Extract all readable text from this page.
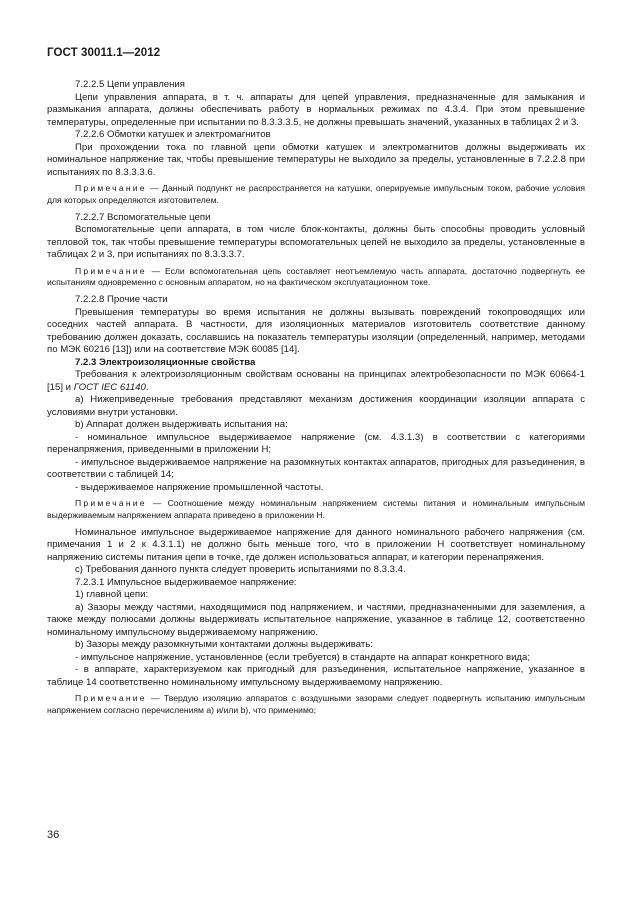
ГОСТ 30011.1—2012

7.2.2.5 Цепи управления

Цепи управления аппарата, в т. ч. аппараты для цепей управления, предназначенные для замыкания и размыкания аппарата, должны обеспечивать работу в нормальных режимах по 4.3.4. При этом превышение температуры, определенные при испытании по 8.3.3.3.5, не должны превышать значений, указанных в таблицах 2 и 3.

7.2.2.6 Обмотки катушек и электромагнитов

При прохождении тока по главной цепи обмотки катушек и электромагнитов должны выдерживать их номинальное напряжение так, чтобы превышение температуры не выходило за пределы, установленные в 7.2.2.8 при испытаниях по 8.3.3.3.6.

Примечание — Данный подпункт не распространяется на катушки, оперируемые импульсным током, рабочие условия для которых определяются изготовителем.

7.2.2.7 Вспомогательные цепи

Вспомогательные цепи аппарата, в том числе блок-контакты, должны быть способны проводить условный тепловой ток, так чтобы превышение температуры вспомогательных цепей не выходило за пределы, установленные в таблицах 2 и 3, при испытаниях по 8.3.3.3.7.

Примечание — Если вспомогательная цепь составляет неотъемлемую часть аппарата, достаточно подвергнуть ее испытаниям одновременно с основным аппаратом, но на фактическом эксплуатационном токе.

7.2.2.8 Прочие части

Превышения температуры во время испытания не должны вызывать повреждений токопроводящих или соседних частей аппарата. В частности, для изоляционных материалов изготовитель соответствие данному требованию должен доказать, сославшись на показатель температуры изоляции (определенный, например, методами по МЭК 60216 [13]) или на соответствие МЭК 60085 [14].

7.2.3 Электроизоляционные свойства

Требования к электроизоляционным свойствам основаны на принципах электробезопасности по МЭК 60664-1 [15] и ГОСТ IEC 61140.

а) Нижеприведенные требования представляют механизм достижения координации изоляции аппарата с условиями внутри установки.

b) Аппарат должен выдерживать испытания на:

- номинальное импульсное выдерживаемое напряжение (см. 4.3.1.3) в соответствии с категориями перенапряжения, приведенными в приложении Н;

- импульсное выдерживаемое напряжение на разомкнутых контактах аппаратов, пригодных для разъединения, в соответствии с таблицей 14;

- выдерживаемое напряжение промышленной частоты.

Примечание — Соотношение между номинальным напряжением системы питания и номинальным импульсным выдерживаемым напряжением аппарата приведено в приложении Н.

Номинальное импульсное выдерживаемое напряжение для данного номинального рабочего напряжения (см. примечания 1 и 2 к 4.3.1.1) не должно быть меньше того, что в приложении Н соответствует номинальному напряжению системы питания цепи в точке, где должен использоваться аппарат, и категории перенапряжения.

с) Требования данного пункта следует проверить испытаниями по 8.3.3.4.

7.2.3.1 Импульсное выдерживаемое напряжение:

1) главной цепи:

а) Зазоры между частями, находящимися под напряжением, и частями, предназначенными для заземления, а также между полюсами должны выдерживать испытательное напряжение, указанное в таблице 12, соответственно номинальному импульсному выдерживаемому напряжению.

b) Зазоры между разомкнутыми контактами должны выдерживать:

- импульсное напряжение, установленное (если требуется) в стандарте на аппарат конкретного вида;

- в аппарате, характеризуемом как пригодный для разъединения, испытательное напряжение, указанное в таблице 14 соответственно номинальному импульсному выдерживаемому напряжению.

Примечание — Твердую изоляцию аппаратов с воздушными зазорами следует подвергнуть испытанию импульсным напряжением согласно перечислениям а) и/или b), что применимо;

36
